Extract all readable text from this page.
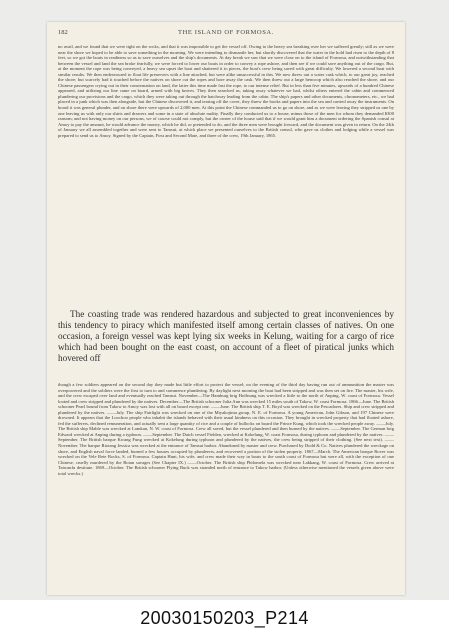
182	THE ISLAND OF FORMOSA.

no avail, and we found that we were tight on the rocks, and that it was impossible to get the vessel off. Owing to the heavy sea breaking over her we suffered greatly; still as we were near the shore we hoped to be able to save something in the morning. We were intending to dismantle her, but shortly discovered that the water in the hold had risen to the depth of 8 feet, so we got the boats in readiness so as to save ourselves and the ship's documents. At day break we saw that we were close on to the island of Formosa, and notwithstanding that between the vessel and land the sea broke fearfully, we were forced to lower our boats in order to convey a rope ashore, and then see if we could save anything out of the cargo. But, at the moment the rope was being conveyed, a heavy sea upset the boat and shattered it to pieces, the boat's crew being saved with great difficulty. We lowered a second boat with similar results. We then endeavoured to float life preservers with a line attached, but were alike unsuccessful in this. We now threw out a water cask which, to our great joy, reached the shore; but scarcely had it touched before the natives on shore cut the ropes and bore away the cask. We then threw out a large hencoop which also reached the shore, and our Chinese passengers crying out in their consternation on land, the latter this time made fast the rope, to our intense relief. But in less than five minutes, upwards of a hundred Chinese appeared, and utilizing our line came on board, armed with big knives. They then searched us, taking away whatever we had, whilst others entered the cabin and commenced plundering our provisions and the cargo, which they were taking out through the hatchway leading from the cabin. The ship's papers and other documents, chronometers, etc., we had placed in a junk which was then alongside, but the Chinese discovered it, and tearing off the cover, they threw the books and papers into the sea and carried away the instruments. On board it was general plunder, and on shore there were upwards of 2,000 men. At this point the Chinese commanded us to go on shore, and as we were leaving they stripped us one by one leaving us with only our shirts and drawers and some in a state of absolute nudity. Finally they conducted us to a house, minus those of the men for whom they demanded $300 ransom; and not having money on our persons, we of course could not comply, but the owner of the house said that if we would grant him a document ordering the Spanish consul at Amoy to pay the amount, he would advance the money, which he did, or pretended to do, and the three men were brought forward, and the document was given in return. On the 24th of January we all assembled together and were sent to Tamsui, at which place we presented ourselves to the British consul, who gave us clothes and lodging while a vessel was prepared to send us to Amoy. Signed by the Captain, First and Second Mate, and three of the crew, 19th January, 1865.

The coasting trade was rendered hazardous and subjected to great inconveniences by this tendency to piracy which manifested itself among certain classes of natives. On one occasion, a foreign vessel was kept lying six weeks in Kelung, waiting for a cargo of rice which had been bought on the east coast, on account of a fleet of piratical junks which hovered off

though a few soldiers appeared on the second day they made but little effort to protect the vessel; on the evening of the third day having run out of ammunition the master was overpowered and the soldiers were the first to turn to and commence plundering. By daylight next morning the boat had been stripped and was then set on fire. The master, his wife, and the crew escaped over land and eventually reached Tamsui. November—The Hamburg brig Hoffnung was wrecked a little to the north of Anping, W. coast of Formosa. Vessel looted and crew stripped and plundered by the natives. December—The British schooner Julia Ann was wrecked 15 miles south of Takow, W. coast Formosa. 1866—June. The British schooner Pearl bound from Takow to Amoy was lost with all on board except one. ——June. The British ship T. E. Boyd was wrecked on the Pescadores. Ship and crew stripped and plundered by the natives. ——July. The ship Fairlight was wrecked on one of the Miyakojima group, N. E. of Formosa. A young American, John Gibson, and 197 Chinese were drowned. It appears that the Loochoo people who inhabit the islands behaved with their usual kindness on this occasion. They brought in wrecked property that had floated ashore, fed the sufferers, declined remuneration, and actually sent a large quantity of rice and a couple of bullocks on board the Prince Kung, which took the wrecked people away. ——July. The British ship Mable was wrecked at Lamkan, N. W. coast of Formosa. Crew all saved, but the vessel plundered and then burned by the natives. ——September. The German brig Edward wrecked at Anping during a typhoon. ——September. The Dutch vessel Fielden, wrecked at Kokelung, W. coast Formosa, during typhoon and plundered by the natives. ——September. The British barque Kwang Fung wrecked at Kokelung during typhoon and plundered by the natives, the crew being stripped of their clothing. (See next text). ——November. The barque Riotang Jessica was wrecked at the entrance of Tamsui harbor. Abandoned by master and crew. Purchased by Dodd & Co. Natives plundered the wreckage on shore, and English naval force landed, burned a few houses occupied by plunderers, and recovered a portion of the stolen property. 1867—March. The American barque Rover was wrecked on the Vele Rete Rocks, S. of Formosa. Captain Hunt, his wife, and crew made their way in boats to the south coast of Formosa but were all, with the exception of one Chinese, cruelly murdered by the Botan savages (See Chapter IX.) ——October. The British ship Philomela was wrecked near Lakkang, W. coast of Formosa. Crew arrived at Taiwanfu destitute. 1869—October. The British schooner Flying Buck was stranded north of entrance to Takow harbor. (Unless otherwise mentioned the vessels given above were total wrecks.)

20030150203_P214
